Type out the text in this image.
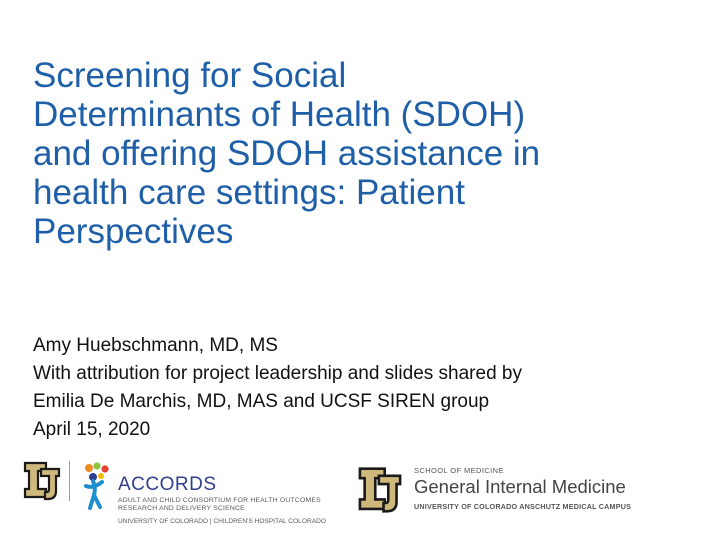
Screening for Social
Determinants of Health (SDOH)
and offering SDOH assistance in
health care settings: Patient
Perspectives
Amy Huebschmann, MD, MS
With attribution for project leadership and slides shared by
Emilia De Marchis, MD, MAS and UCSF SIREN group
April 15, 2020
ACCORDS
ADULT AND CHILD CONSORTIUM FOR HEALTH OUTCOMES
RESEARCH AND DELIVERY SCIENCE
UNIVERSITY OF COLORADO | CHILDREN'S HOSPITAL COLORADO
SCHOOL OF MEDICINE
General Internal Medicine
UNIVERSITY OF COLORADO ANSCHUTZ MEDICAL CAMPUS
